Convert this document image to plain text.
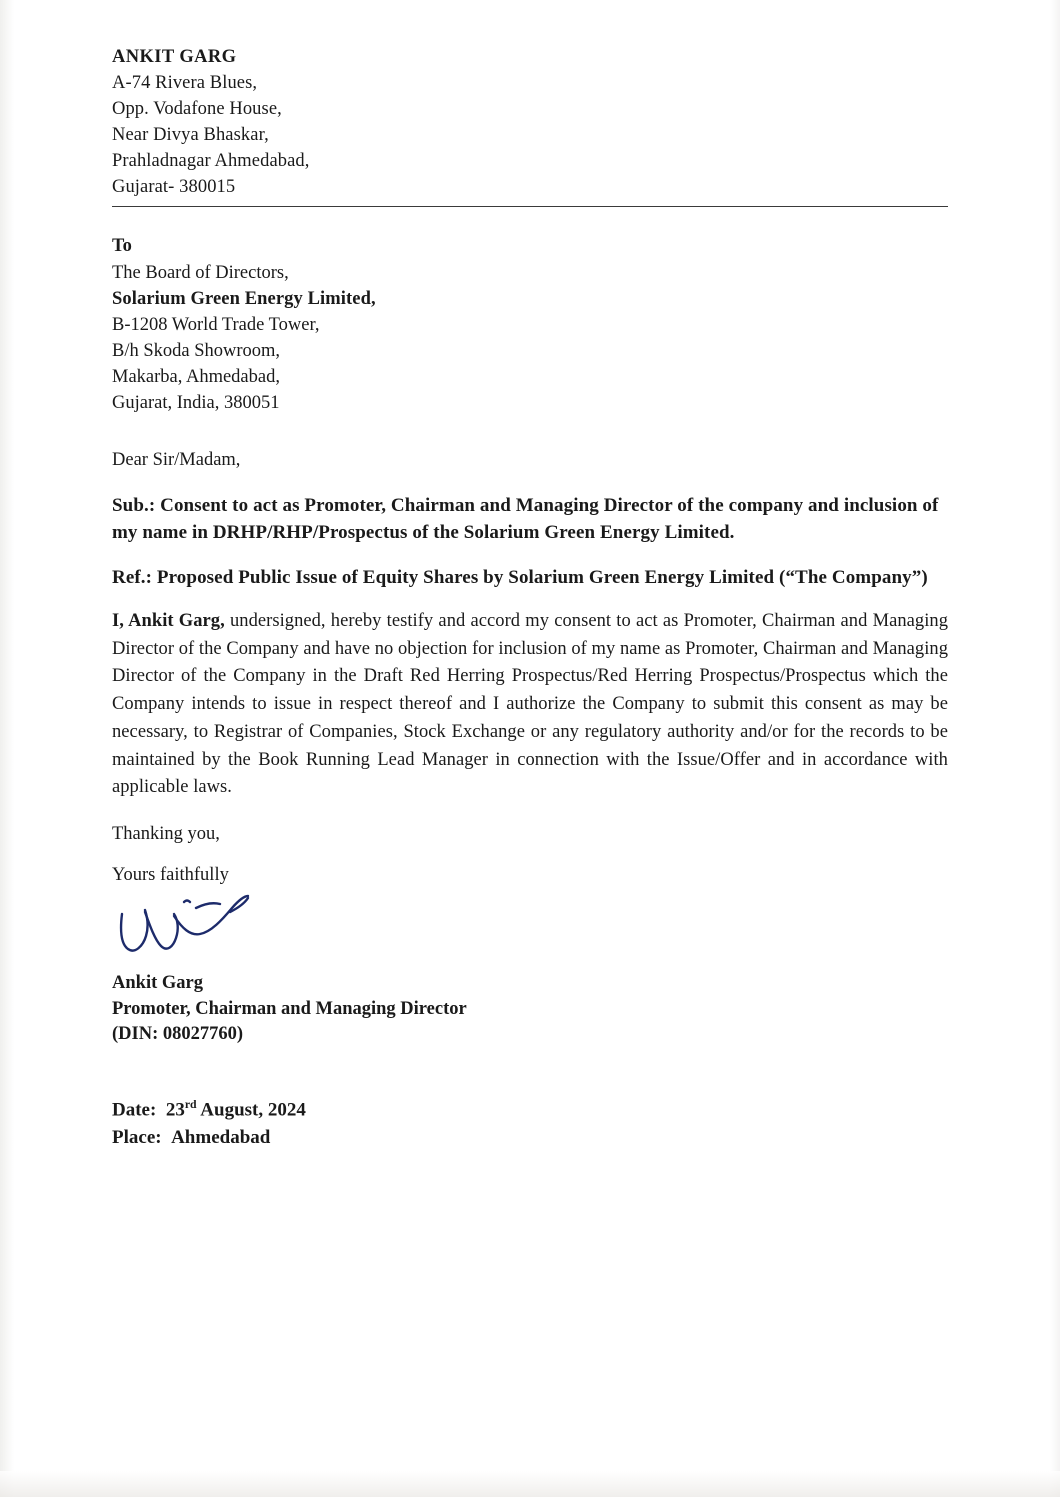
ANKIT GARG
A-74 Rivera Blues,
Opp. Vodafone House,
Near Divya Bhaskar,
Prahladnagar Ahmedabad,
Gujarat- 380015
To
The Board of Directors,
Solarium Green Energy Limited,
B-1208 World Trade Tower,
B/h Skoda Showroom,
Makarba, Ahmedabad,
Gujarat, India, 380051
Dear Sir/Madam,
Sub.: Consent to act as Promoter, Chairman and Managing Director of the company and inclusion of my name in DRHP/RHP/Prospectus of the Solarium Green Energy Limited.
Ref.: Proposed Public Issue of Equity Shares by Solarium Green Energy Limited (“The Company”)
I, Ankit Garg, undersigned, hereby testify and accord my consent to act as Promoter, Chairman and Managing Director of the Company and have no objection for inclusion of my name as Promoter, Chairman and Managing Director of the Company in the Draft Red Herring Prospectus/Red Herring Prospectus/Prospectus which the Company intends to issue in respect thereof and I authorize the Company to submit this consent as may be necessary, to Registrar of Companies, Stock Exchange or any regulatory authority and/or for the records to be maintained by the Book Running Lead Manager in connection with the Issue/Offer and in accordance with applicable laws.
Thanking you,
Yours faithfully
Ankit Garg
Promoter, Chairman and Managing Director
(DIN: 08027760)
Date: 23rd August, 2024
Place: Ahmedabad
